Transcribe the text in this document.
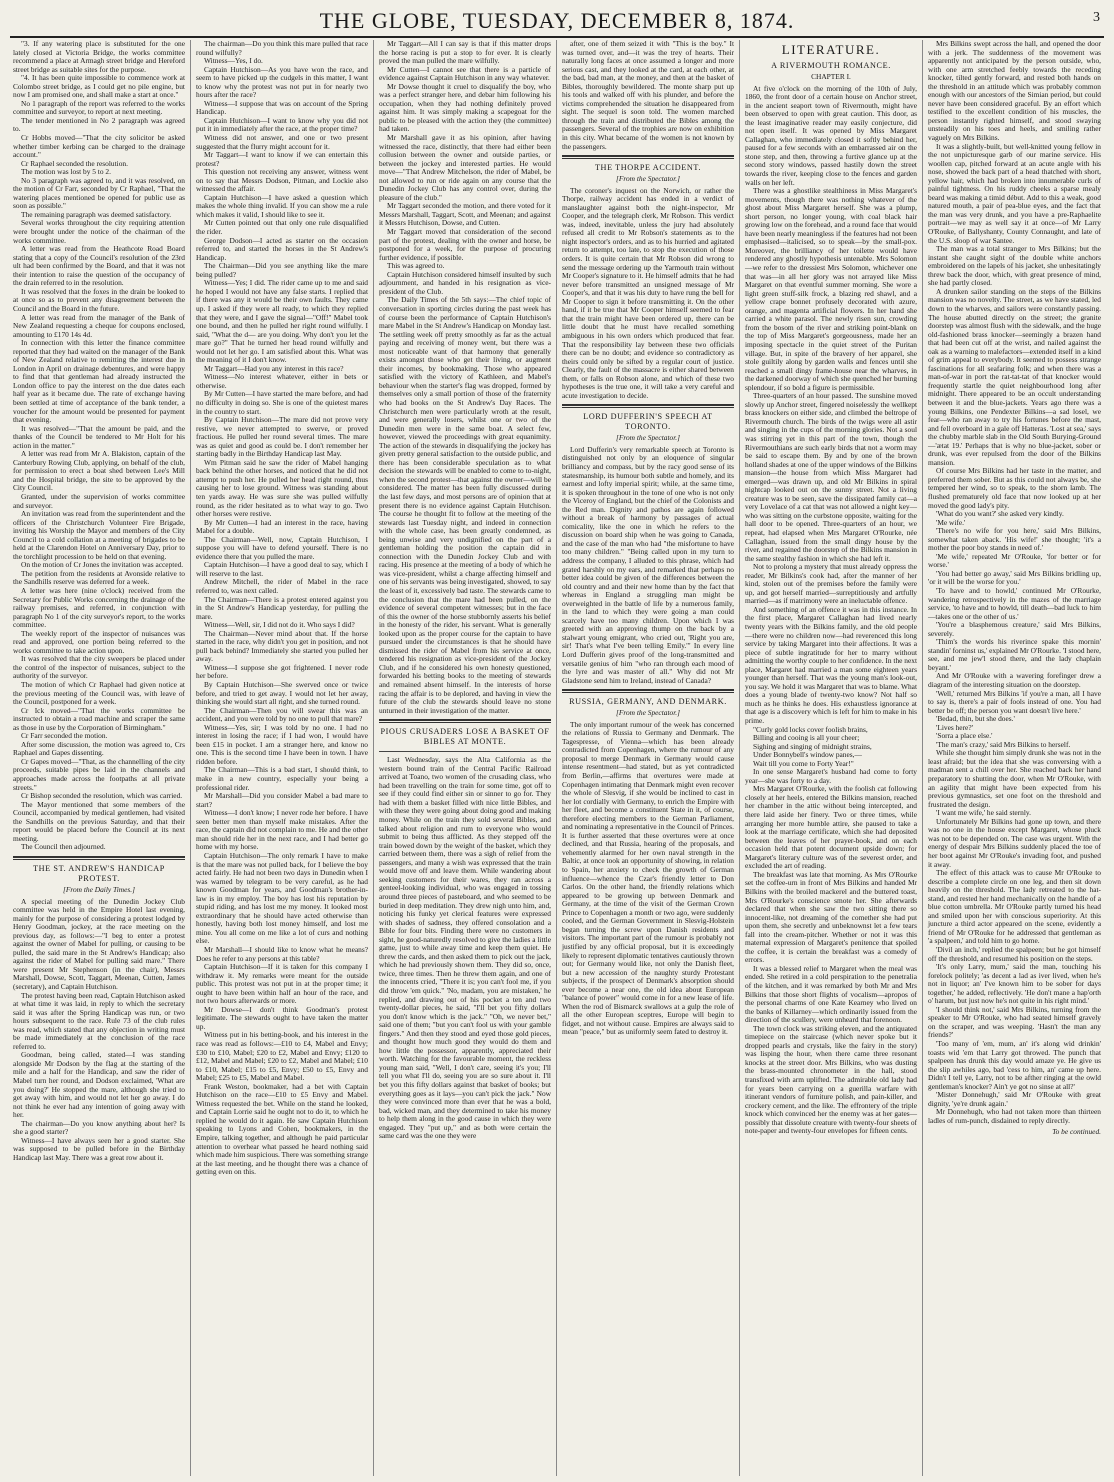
THE GLOBE, TUESDAY, DECEMBER 8, 1874.	3

"3. If any watering place is substituted for the one lately closed at Victoria Bridge, the works committee recommend a place at Armagh street bridge and Hereford street bridge as suitable sites for the purpose.

"4. It has been quite impossible to commence work at Colombo street bridge, as I could get no pile engine, but now I am promised one, and shall make a start at once."

No 1 paragraph of the report was referred to the works committee and surveyor, to report at next meeting.

The tender mentioned in No 2 paragraph was agreed to.

Cr Hobbs moved—"That the city solicitor be asked whether timber kerbing can be charged to the drainage account."

Cr Raphael seconded the resolution.

The motion was lost by 5 to 2.

No 3 paragraph was agreed to, and it was resolved, on the motion of Cr Farr, seconded by Cr Raphael, "That the watering places mentioned be opened for public use as soon as possible."

The remaining paragraph was deemed satisfactory.

Several works throughout the city requiring attention were brought under the notice of the chairman of the works committee.

A letter was read from the Heathcote Road Board stating that a copy of the Council's resolution of the 23rd ult had been confirmed by the Board, and that it was not their intention to raise the question of the occupancy of the drain referred to in the resolution.

It was resolved that the foxes in the drain be looked to at once so as to prevent any disagreement between the Council and the Board in the future.

A letter was read from the manager of the Bank of New Zealand requesting a cheque for coupons enclosed, amounting to £170 14s 4d.

In connection with this letter the finance committee reported that they had waited on the manager of the Bank of New Zealand relative to remitting the interest due in London in April on drainage debentures, and were happy to find that that gentleman had already instructed the London office to pay the interest on the due dates each half year as it became due. The rate of exchange having been settled at time of acceptance of the bank tender, a voucher for the amount would be presented for payment that evening.

It was resolved—"That the amount be paid, and the thanks of the Council be tendered to Mr Holt for his action in the matter."

A letter was read from Mr A. Blakiston, captain of the Canterbury Rowing Club, applying, on behalf of the club, for permission to erect a boat shed between Lee's Mill and the Hospital bridge, the site to be approved by the City Council.

Granted, under the supervision of works committee and surveyor.

An invitation was read from the superintendent and the officers of the Christchurch Volunteer Fire Brigade, inviting his Worship the Mayor and members of the City Council to a cold collation at a meeting of brigades to be held at the Clarendon Hotel on Anniversary Day, prior to the torchlight procession to be held on that evening.

On the motion of Cr Jones the invitation was accepted.

The petition from the residents at Avonside relative to the Sandhills reserve was deferred for a week.

A letter was here (nine o'clock) received from the Secretary for Public Works concerning the drainage of the railway premises, and referred, in conjunction with paragraph No 1 of the city surveyor's report, to the works committee.

The weekly report of the inspector of nuisances was read and approved, one portion being referred to the works committee to take action upon.

It was resolved that the city sweepers be placed under the control of the inspector of nuisances, subject to the authority of the surveyor.

The motion of which Cr Raphael had given notice at the previous meeting of the Council was, with leave of the Council, postponed for a week.

Cr Ick moved—"That the works committee be instructed to obtain a road machine and scraper the same as those in use by the Corporation of Birmingham."

Cr Farr seconded the motion.

After some discussion, the motion was agreed to, Crs Raphael and Gapes dissenting.

Cr Gapes moved—"That, as the channelling of the city proceeds, suitable pipes be laid in the channels and approaches made across the footpaths at all private streets."

Cr Bishop seconded the resolution, which was carried.

The Mayor mentioned that some members of the Council, accompanied by medical gentlemen, had visited the Sandhills on the previous Saturday, and that their report would be placed before the Council at its next meeting.

The Council then adjourned.

THE ST. ANDREW'S HANDICAP PROTEST.
[From the Daily Times.]

A special meeting of the Dunedin Jockey Club committee was held in the Empire Hotel last evening, mainly for the purpose of considering a protest lodged by Henry Goodman, jockey, at the race meeting on the previous day, as follows:—"I beg to enter a protest against the owner of Mabel for pulling, or causing to be pulled, the said mare in the St Andrew's Handicap; also against the rider of Mabel for pulling said mare." There were present Mr Stephenson (in the chair), Messrs Marshall, Dowse, Scott, Taggart, Meenan, Cutten, James (secretary), and Captain Hutchison.

The protest having been read, Captain Hutchison asked at what time it was laid, in reply to which the secretary said it was after the Spring Handicap was run, or two hours subsequent to the race. Rule 73 of the club rules was read, which stated that any objection in writing must be made immediately at the conclusion of the race referred to.

Goodman, being called, stated—I was standing alongside Mr Dodson by the flag at the starting of the mile and a half for the Handicap, and saw the rider of Mabel turn her round, and Dodson exclaimed, 'What are you doing?' He stopped the mare, although she tried to get away with him, and would not let her go away. I do not think he ever had any intention of going away with her.

The chairman—Do you know anything about her? Is she a good starter?

Witness—I have always seen her a good starter. She was supposed to be pulled before in the Birthday Handicap last May. There was a great row about it.

The chairman—Do you think this mare pulled that race round wilfully?

Witness—Yes, I do.

Captain Hutchison—As you have won the race, and seem to have picked up the cudgels in this matter, I want to know why the protest was not put in for nearly two hours after the race?

Witness—I suppose that was on account of the Spring Handicap.

Captain Hutchison—I want to know why you did not put it in immediately after the race, at the proper time?

Witness did not answer, and one or two present suggested that the flurry might account for it.

Mr Taggart—I want to know if we can entertain this protest?

This question not receiving any answer, witness went on to say that Messrs Dodson, Pitman, and Lockie also witnessed the affair.

Captain Hutchison—I have asked a question which makes the whole thing invalid. If you can show me a rule which makes it valid, I should like to see it.

Mr Cutten pointed out that only one rule disqualified the rider.

George Dodson—I acted as starter on the occasion referred to, and started the horses in the St Andrew's Handicap.

The Chairman—Did you see anything like the mare being pulled?

Witness—Yes; I did. The rider came up to me and said he hoped I would not have any false starts. I replied that if there was any it would be their own faults. They came up. I asked if they were all ready, to which they replied that they were, and I gave the signal—"Off!" Mabel took one bound, and then he pulled her right round wilfully. I said, "What the d— are you doing. Why don't you let the mare go?" That he turned her head round wilfully and would not let her go. I am satisfied about this. What was the meaning of it I don't know.

Mr Taggart—Had you any interest in this race?

Witness—No interest whatever, either in bets or otherwise.

By Mr Cutten—I have started the mare before, and had no difficulty in doing so. She is one of the quietest mares in the country to start.

By Captain Hutchison—The mare did not prove very restive, we never attempted to swerve, or proved fractious. He pulled her round several times. The mare was as quiet and good as could be. I don't remember her starting badly in the Birthday Handicap last May.

Wm Pitman said he saw the rider of Mabel hanging back behind the other horses, and noticed that he did not attempt to push her. He pulled her head right round, thus causing her to lose ground. Witness was standing about ten yards away. He was sure she was pulled wilfully round, as the rider hesitated as to what way to go. Two other horses were restive.

By Mr Cutten—I had an interest in the race, having Mabel for a double.

The Chairman—Well, now, Captain Hutchison, I suppose you will have to defend yourself. There is no evidence there that you pulled the mare.

Captain Hutchison—I have a good deal to say, which I will reserve to the last.

Andrew Mitchell, the rider of Mabel in the race referred to, was next called.

The Chairman—There is a protest entered against you in the St Andrew's Handicap yesterday, for pulling the mare.

Witness—Well, sir, I did not do it. Who says I did?

The Chairman—Never mind about that. If the horse started in the race, why didn't you get in position, and not pull back behind? Immediately she started you pulled her away.

Witness—I suppose she got frightened. I never rode her before.

By Captain Hutchison—She swerved once or twice before, and tried to get away. I would not let her away, thinking she would start all right, and she turned round.

The Chairman—Then you will swear this was an accident, and you were told by no one to pull that mare?

Witness—Yes, sir; I was told by no one. I had no interest in losing the race; if I had won, I would have been £15 in pocket. I am a stranger here, and know no one. This is the second time I have been in town. I have ridden before.

The Chairman—This is a bad start, I should think, to make in a new country, especially your being a professional rider.

Mr Marshall—Did you consider Mabel a bad mare to start?

Witness—I don't know; I never rode her before. I have seen better men than myself make mistakes. After the race, the captain did not complain to me. He and the other man should ride her in the next race, and I had better go home with my horse.

Captain Hutchison—The only remark I have to make is that the mare was not pulled back, for I believe the boy acted fairly. He had not been two days in Dunedin when I was warned by telegram to be very careful, as he had known Goodman for years, and Goodman's brother-in-law is in my employ. The boy has lost his reputation by stupid riding, and has lost me my money. It looked most extraordinary that he should have acted otherwise than honestly, having both lost money himself, and lost me mine. You all come on me like a lot of curs and nothing else.

Mr Marshall—I should like to know what he means? Does he refer to any persons at this table?

Captain Hutchison—If it is taken for this company I withdraw it. My remarks were meant for the outside public. This protest was not put in at the proper time; it ought to have been within half an hour of the race, and not two hours afterwards or more.

Mr Dowse—I don't think Goodman's protest legitimate. The stewards ought to have taken the matter up.

Witness put in his betting-book, and his interest in the race was read as follows:—£10 to £4, Mabel and Envy; £30 to £10, Mabel; £20 to £2, Mabel and Envy; £120 to £12, Mabel and Mabel; £20 to £2, Mabel and Mabel; £10 to £10, Mabel; £15 to £5, Envy; £50 to £5, Envy and Mabel; £25 to £5, Mabel and Mabel.

Frank Weston, bookmaker, had a bet with Captain Hutchison on the race—£10 to £5 Envy and Mabel. Witness requested the bet. While on the stand he looked, and Captain Lorrie said he ought not to do it, to which he replied he would do it again. He saw Captain Hutchison speaking to Lyons and Cohen, bookmakers, in the Empire, talking together, and although he paid particular attention to overhear what passed he heard nothing said which made him suspicious. There was something strange at the last meeting, and he thought there was a chance of getting even on this.

Mr Taggart—All I can say is that if this matter drops the horse racing is put a stop to for ever. It is clearly proved the man pulled the mare wilfully.

Mr Cutten—I cannot see that there is a particle of evidence against Captain Hutchison in any way whatever.

Mr Dowse thought it cruel to disqualify the boy, who was a perfect stranger here, and debar him following his occupation, when they had nothing definitely proved against him. It was simply making a scapegoat for the public to be pleased with the action they (the committee) had taken.

Mr Marshall gave it as his opinion, after having witnessed the race, distinctly, that there had either been collusion between the owner and outside parties, or between the jockey and interested parties. He would move—"That Andrew Mitchelson, the rider of Mabel, be not allowed to run or ride again on any course that the Dunedin Jockey Club has any control over, during the pleasure of the club."

Mr Taggart seconded the motion, and there voted for it Messrs Marshall, Taggart, Scott, and Meenan; and against it Messrs Hutchison, Dowse, and Cutten.

Mr Taggart moved that consideration of the second part of the protest, dealing with the owner and horse, be postponed for a week, for the purpose of procuring further evidence, if possible.

This was agreed to.

Captain Hutchison considered himself insulted by such adjournment, and handed in his resignation as vice-president of the Club.

The Daily Times of the 5th says:—The chief topic of conversation in sporting circles during the past week has of course been the performance of Captain Hutchison's mare Mabel in the St Andrew's Handicap on Monday last. The settling week off pretty smoothly as far as the actual paying and receiving of money went, but there was a most noticeable want of that harmony that generally exists amongst those who get their living, or augment their incomes, by bookmaking. Those who appeared satisfied with the victory of Kathleen, and Mabel's behaviour when the starter's flag was dropped, formed by themselves only a small portion of those of the fraternity who had books on the St Andrew's Day Races. The Christchurch men were particularly wroth at the result, and were generally losers, whilst one or two of the Dunedin men were in the same boat. A select few, however, viewed the proceedings with great equanimity. The action of the stewards in disqualifying the jockey has given pretty general satisfaction to the outside public, and there has been considerable speculation as to what decision the stewards will be enabled to come to to-night, when the second protest—that against the owner—will be considered. The matter has been fully discussed during the last few days, and most persons are of opinion that at present there is no evidence against Captain Hutchison. The course he thought fit to follow at the meeting of the stewards last Tuesday night, and indeed in connection with the whole case, has been greatly condemned, as being unwise and very undignified on the part of a gentleman holding the position the captain did in connection with the Dunedin Jockey Club and with racing. His presence at the meeting of a body of which he was vice-president, whilst a charge affecting himself and one of his servants was being investigated, showed, to say the least of it, excessively bad taste. The stewards came to the conclusion that the mare had been pulled, on the evidence of several competent witnesses; but in the face of this the owner of the horse stubbornly asserts his belief in the honesty of the rider, his servant. What is generally looked upon as the proper course for the captain to have pursued under the circumstances is that he should have dismissed the rider of Mabel from his service at once, tendered his resignation as vice-president of the Jockey Club, and if he considered his own honesty questioned, forwarded his betting books to the meeting of stewards and remained absent himself. In the interests of horse racing the affair is to be deplored, and having in view the future of the club the stewards should leave no stone unturned in their investigation of the matter.

PIOUS CRUSADERS LOSE A BASKET OF BIBLES AT MONTE.

Last Wednesday, says the Alta California as the western bound train of the Central Pacific Railroad arrived at Toano, two women of the crusading class, who had been travelling on the train for some time, got off to see if they could find either sin or sinner to go for. They had with them a basket filled with nice little Bibles, and with these they were going about doing good and making money. While on the train they sold several Bibles, and talked about religion and rum to everyone who would submit to being thus afflicted. As they stepped off the train bowed down by the weight of the basket, which they carried between them, there was a sigh of relief from the passengers, and many a wish was expressed that the train would move off and leave them. While wandering about seeking customers for their wares, they ran across a genteel-looking individual, who was engaged in tossing around three pieces of pasteboard, and who seemed to be buried in deep meditation. They drew nigh unto him, and, noticing his funky yet clerical features were expressed with shades of sadness, they offered consolation and a Bible for four bits. Finding there were no customers in sight, he good-naturedly resolved to give the ladies a little game, just to while away time and keep them quiet. He threw the cards, and then asked them to pick out the jack, which he had previously shown them. They did so, once, twice, three times. Then he threw them again, and one of the innocents cried, "There it is; you can't fool me, if you did throw 'em quick." 'No, madam, you are mistaken,' he replied, and drawing out of his pocket a ten and two twenty-dollar pieces, he said, "I'll bet you fifty dollars you don't know which is the jack." "Oh, we never bet," said one of them; "but you can't fool us with your gamble fingers." And then they stood and eyed those gold pieces, and thought how much good they would do them and how little the possessor, apparently, appreciated their worth. Watching for the favourable moment, the reckless young man said, "Well, I don't care, seeing it's you; I'll tell you what I'll do, seeing you are so sure about it. I'll bet you this fifty dollars against that basket of books; but everything goes as it lays—you can't pick the jack." Now they were convinced more than ever that he was a bold, bad, wicked man, and they determined to take his money to help them along in the good cause in which they were engaged. They "put up," and as both were certain the same card was the one they were

after, one of them seized it with "This is the boy." It was turned over, and—it was the trey of hearts. Their naturally long faces at once assumed a longer and more serious cast, and they looked at the card, at each other, at the bad, bad man, at the money, and then at the basket of Bibles, thoroughly bewildered. The monte sharp put up his tools and walked off with his plunder, and before the victims comprehended the situation he disappeared from sight. The sequel is soon told. The women marched through the train and distributed the Bibles among the passengers. Several of the trophies are now on exhibition in this city. What became of the women is not known by the passengers.

THE THORPE ACCIDENT.
[From the Spectator.]

The coroner's inquest on the Norwich, or rather the Thorpe, railway accident has ended in a verdict of manslaughter against both the night-inspector, Mr Cooper, and the telegraph clerk, Mr Robson. This verdict was, indeed, inevitable, unless the jury had absolutely refused all credit to Mr Robson's statements as to the night inspector's orders, and as to his hurried and agitated return to attempt, too late, to stop the execution of those orders. It is quite certain that Mr Robson did wrong to send the message ordering up the Yarmouth train without Mr Cooper's signature to it. He himself admits that he had never before transmitted an unsigned message of Mr Cooper's, and that it was his duty to have rung the bell for Mr Cooper to sign it before transmitting it. On the other hand, if it be true that Mr Cooper himself seemed to fear that the train might have been ordered up, there can be little doubt that he must have recalled something ambiguous in his own orders which produced that fear. That the responsibility lay between these two officials there can be no doubt; and evidence so contradictory as theirs could only be sifted by a regular court of justice. Clearly, the fault of the massacre is either shared between them, or falls on Robson alone, and which of these two hypotheses is the true one, it will take a very careful and acute investigation to decide.

LORD DUFFERIN'S SPEECH AT TORONTO.
[From the Spectator.]

Lord Dufferin's very remarkable speech at Toronto is distinguished not only by an eloquence of singular brilliancy and compass, but by the racy good sense of its statesmanship, its humour both subtle and homely, and its earnest and lofty imperial spirit; while, at the same time, it is spoken throughout in the tone of one who is not only the Viceroy of England, but the chief of the Colonists and the Red man. Dignity and pathos are again followed without a break of harmony by passages of actual comicality, like the one in which he refers to the discussion on board ship when he was going to Canada, and the case of the man who had "the misfortune to have too many children." "Being called upon in my turn to address the company, I alluded to this phrase, which had grated harshly on my ears, and remarked that perhaps no better idea could be given of the differences between the old country and and their new home than by the fact that whereas in England a struggling man might be overweighted in the battle of life by a numerous family, in the land to which they were going a man could scarcely have too many children. Upon which I was greeted with an approving thump on the back by a stalwart young emigrant, who cried out, 'Right you are, sir! That's what I've been telling Emily.'" In every line Lord Dufferin gives proof of the long-transmitted and versatile genius of him "who ran through each mood of the lyre and was master of all." Why did not Mr Gladstone send him to Ireland, instead of Canada?

RUSSIA, GERMANY, AND DENMARK.
[From the Spectator.]

The only important rumour of the week has concerned the relations of Russia to Germany and Denmark. The Tagespresse, of Vienna—which has been already contradicted from Copenhagen, where the rumour of any proposal to merge Denmark in Germany would cause intense resentment—had stated, but as yet contradicted from Berlin,—affirms that overtures were made at Copenhagen intimating that Denmark might even recover the whole of Slesvig, if she would be inclined to cast in her lot cordially with Germany, to enrich the Empire with her fleet, and become a constituent State in it, of course, therefore electing members to the German Parliament, and nominating a representative in the Council of Princes. It is further asserted that these overtures were at once declined, and that Russia, hearing of the proposals, and vehemently alarmed for her own naval strength in the Baltic, at once took an opportunity of showing, in relation to Spain, her anxiety to check the growth of German influence—whence the Czar's friendly letter to Don Carlos. On the other hand, the friendly relations which appeared to be growing up between Denmark and Germany, at the time of the visit of the German Crown Prince to Copenhagen a month or two ago, were suddenly cooled, and the German Government in Slesvig-Holstein began turning the screw upon Danish residents and visitors. The important part of the rumour is probably not justified by any official proposal, but it is exceedingly likely to represent diplomatic tentatives cautiously thrown out; for Germany would like, not only the Danish fleet, but a new accession of the naughty sturdy Protestant subjects, if the prospect of Denmark's absorption should ever become a near one, the old idea about European "balance of power" would come in for a new lease of life. When the rod of Bismarck swallows at a gulp the role of all the other European sceptres, Europe will begin to fidget, and not without cause. Empires are always said to mean "peace," but as uniformly seem fated to destroy it.

LITERATURE.
A RIVERMOUTH ROMANCE.
CHAPTER I.

At five o'clock on the morning of the 10th of July, 1860, the front door of a certain house on Anchor street, in the ancient seaport town of Rivermouth, might have been observed to open with great caution. This door, as the least imaginative reader may easily conjecture, did not open itself. It was opened by Miss Margaret Callaghan, who immediately closed it softly behind her, paused for a few seconds with an embarrassed air on the stone step, and then, throwing a furtive glance up at the second story windows, passed hastily down the street towards the river, keeping close to the fences and garden walls on her left.

There was a ghostlike stealthiness in Miss Margaret's movements, though there was nothing whatever of the ghost about Miss Margaret herself. She was a plump, short person, no longer young, with coal black hair growing low on the forehead, and a round face that would have been nearly meaningless if the features had not been emphasised—italicised, so to speak—by the small-pox. Moreover, the brilliancy of her toilette would have rendered any ghostly hypothesis untenable. Mrs Solomon—we refer to the dressiest Mrs Solomon, whichever one that was—in all her glory was not arrayed like Miss Margaret on that eventful summer morning. She wore a light green stuff-silk frock, a blazing red shawl, and a yellow crape bonnet profusely decorated with azure, orange, and magenta artificial flowers. In her hand she carried a white parasol. The newly risen sun, crowding from the bosom of the river and striking point-blank on the top of Miss Margaret's gorgeousness, made her an imposing spectacle in the quiet street of the Puritan village. But, in spite of the bravery of her apparel, she stole guiltily along by garden walls and fences until she reached a small dingy frame-house near the wharves, in the darkened doorway of which she quenched her burning splendour, if so bold a figure is permissible.

Three-quarters of an hour passed. The sunshine moved slowly up Anchor street, fingered noiselessly the wellkept brass knockers on either side, and climbed the beltrope of Rivermouth church. The birds of the twigs were all astir and singing in the cups of the morning glories. Not a soul was stirring yet in this part of the town, though the Rivermouthians are such early birds that not a worm may be said to escape them. By and by one of the brown holland shades at one of the upper windows of the Bilkins mansion—the house from which Miss Margaret had emerged—was drawn up, and old Mr Bilkins in spiral nightcap looked out on the sunny street. Not a living creature was to be seen, save the dissipated family cat—a very Lovelace of a cat that was not allowed a night key—who was sitting on the curbstone opposite, waiting for the hall door to be opened. Three-quarters of an hour, we repeat, had elapsed when Mrs Margaret O'Rourke, née Callaghan, issued from the small dingy house by the river, and regained the doorstep of the Bilkins mansion in the same stealthy fashion in which she had left it.

Not to prolong a mystery that must already oppress the reader, Mr Bilkins's cook had, after the manner of her kind, stolen out of the premises before the family were up, and got herself married—surreptitiously and artfully married—as if matrimony were an ineluctable offence.

And something of an offence it was in this instance. In the first place, Margaret Callaghan had lived nearly twenty years with the Bilkins family, and the old people—there were no children now—had reverenced this long service by taking Margaret into their affections. It was a piece of subtle ingratitude for her to marry without admitting the worthy couple to her confidence. In the next place, Margaret had married a man some eighteen years younger than herself. That was the young man's look-out, you say. We hold it was Margaret that was to blame. What does a young blade of twenty-two know? Not half so much as he thinks he does. His exhaustless ignorance at that age is a discovery which is left for him to make in his prime.

"Curly gold locks cover foolish brains,

Billing and cooing is all your cheer;

Sighing and singing of midnight strains,

Under Bonnybell's window panes,—

Wait till you come to Forty Year!"

In one sense Margaret's husband had come to forty year—she was forty to a day.

Mrs Margaret O'Rourke, with the foolish cat following closely at her heels, entered the Bilkins mansion, reached her chamber in the attic without being intercepted, and there laid aside her finery. Two or three times, while arranging her more humble attire, she paused to take a look at the marriage certificate, which she had deposited between the leaves of her prayer-book, and on each occasion held that potent document upside down; for Margaret's literary culture was of the severest order, and excluded the art of reading.

The breakfast was late that morning. As Mrs O'Rourke set the coffee-urn in front of Mrs Bilkins and handed Mr Bilkins with the broiled mackerel and the buttered toast, Mrs O'Rourke's conscience smote her. She afterwards declared that when she saw the two sitting there so innocent-like, not dreaming of the comether she had put upon them, she secretly and unbeknownst let a few tears fall into the cream-pitcher. Whether or not it was this maternal expression of Margaret's penitence that spoiled the coffee, it is certain the breakfast was a comedy of errors.

It was a blessed relief to Margaret when the meal was ended. She retired in a cold perspiration to the penetralia of the kitchen, and it was remarked by both Mr and Mrs Bilkins that those short flights of vocalism—apropos of the personal charms of one Kate Kearney who lived on the banks of Killarney—which ordinarily issued from the direction of the scullery, were unheard that forenoon.

The town clock was striking eleven, and the antiquated timepiece on the staircase (which never spoke but it dropped pearls and crystals, like the fairy in the story) was lisping the hour, when there came three resonant knocks at the street door. Mrs Bilkins, who was dusting the brass-mounted chronometer in the hall, stood transfixed with arm uplifted. The admirable old lady had for years been carrying on a guerilla warfare with itinerant vendors of furniture polish, and pain-killer, and crockery cement, and the like. The effrontery of the triple knock which convinced her the enemy was at her gates—possibly that dissolute creature with twenty-four sheets of note-paper and twenty-four envelopes for fifteen cents.

Mrs Bilkins swept across the hall, and opened the door with a jerk. The suddenness of the movement was apparently not anticipated by the person outside, who, with one arm stretched feebly towards the receding knocker, tilted gently forward, and rested both hands on the threshold in an attitude which was probably common enough with our ancestors of the Simian period, but could never have been considered graceful. By an effort which testified to the excellent condition of his muscles, the person instantly righted himself, and stood swaying unsteadily on his toes and heels, and smiling rather vaguely on Mrs Bilkins.

It was a slightly-built, but well-knitted young fellow in the not unpicturesque garb of our marine service. His woollen cap, pitched forward at an acute angle with his nose, showed the back part of a head thatched with short, yellow hair, which had broken into innumerable curls of painful tightness. On his ruddy cheeks a sparse mealy beard was making a timid début. Add to this a weak, good natured mouth, a pair of pea-blue eyes, and the fact that the man was very drunk, and you have a pre-Raphaelite portrait—we may as well say it at once—of Mr Larry O'Rouke, of Ballyshanty, County Connaught, and late of the U.S. sloop of war Santee.

The man was a total stranger to Mrs Bilkins; but the instant she caught sight of the double white anchors embroidered on the lapels of his jacket, she unhesitatingly threw back the door, which, with great presence of mind, she had partly closed.

A drunken sailor standing on the steps of the Bilkins mansion was no novelty. The street, as we have stated, led down to the wharves, and sailors were constantly passing. The house abutted directly on the street; the granite doorstep was almost flush with the sidewalk, and the huge old-fashioned brass knocker—seemingly a brazen hand that had been cut off at the wrist, and nailed against the oak as a warning to malefactors—extended itself in a kind of grim appeal to everybody. It seemed to possess strange fascinations for all seafaring folk; and when there was a man-of-war in port the rat-tat-tat of that knocker would frequently startle the quiet neighbourhood long after midnight. There appeared to be an occult understanding between it and the blue-jackets. Years ago there was a young Bilkins, one Pendexter Bilkins—a sad losel, we fear—who ran away to try his fortunes before the mast, and fell overboard in a gale off Hatteras. 'Lost at sea,' says the chubby marble slab in the Old South Burying-Ground—'ætat 19.' Perhaps that is why no blue-jacket, sober or drunk, was ever repulsed from the door of the Bilkins mansion.

Of course Mrs Bilkins had her taste in the matter, and preferred them sober. But as this could not always be, she tempered her wind, so to speak, to the shorn lamb. The flushed prematurely old face that now looked up at her moved the good lady's pity.

'What do you want?' she asked very kindly.

'Me wife.'

'There's no wife for you here,' said Mrs Bilkins, somewhat taken aback. 'His wife!' she thought; 'it's a mother the poor boy stands in need of.'

'Me wife,' repeated Mr O'Rouke, 'for better or for worse.'

'You had better go away,' said Mrs Bilkins bridling up, 'or it will be the worse for you.'

'To have and to howld,' continued Mr O'Rourke, wandering retrospectively in the mazes of the marriage service, 'to have and to howld, till death—bad luck to him—takes one or the other of us.'

'You're a blasphemous creature,' said Mrs Bilkins, severely.

'Thim's the words his riverince spake this mornin' standin' forninst us,' explained Mr O'Rourke. 'I stood here, see, and me jew'l stood there, and the lady chaplain beyant.'

And Mr O'Rouke with a wavering forefinger drew a diagram of the interesting situation on the doorstep.

'Well,' returned Mrs Bilkins 'if you're a man, all I have to say is, there's a pair of fools instead of one. You had better be off; the person you want doesn't live here.'

'Bedad, thin, but she does.'

'Lives here?'

'Sorra a place else.'

'The man's crazy,' said Mrs Bilkins to herself.

While she thought him simply drunk she was not in the least afraid; but the idea that she was conversing with a madman sent a chill over her. She reached back her hand preparatory to shutting the door, when Mr O'Rouke, with an agility that might have been expected from his previous gymnastics, set one foot on the threshold and frustrated the design.

'I want me wife,' he said sternly.

Unfortunately Mr Bilkins had gone up town, and there was no one in the house except Margaret, whose pluck was not to be depended on. The case was urgent. With the energy of despair Mrs Bilkins suddenly placed the toe of her boot against Mr O'Rouke's invading foot, and pushed it away.

The effect of this attack was to cause Mr O'Rouke to describe a complete circle on one leg, and then sit down heavily on the threshold. The lady retreated to the hat-stand, and rested her hand mechanically on the handle of a blue cotton umbrella. Mr O'Rouke partly turned his head and smiled upon her with conscious superiority. At this juncture a third actor appeared on the scene, evidently a friend of Mr O'Rouke for he addressed that gentleman as 'a spalpeen,' and told him to go home.

'Divil an inch,' replied the spalpeen; but he got himself off the threshold, and resumed his position on the steps.

'It's only Larry, mum,' said the man, touching his forelock politely; 'as decent a lad as iver lived, when he's not in liquor; an' I've known him to be sober for days together,' he added, reflectively. 'He don't mane a hap'orth o' harum, but just now he's not quite in his right mind.'

'I should think not,' said Mrs Bilkins, turning from the speaker to Mr O'Rouke, who had seated himself gravely on the scraper, and was weeping. 'Hasn't the man any friends?'

'Too many of 'em, mum, an' it's along wid drinkin' toasts wid 'em that Larry got throwed. The punch that spalpeen has drunk this day would amaze ye. He give us the slip awhiles ago, bad 'cess to him, an' came up here. Didn't I tell ye, Larry, not to be afther ringing at the owld gentleman's knocker? Ain't ye got no sinse at all?'

'Mister Donnehugh,' said Mr O'Rouke with great dignity, 'ye're drunk again.'

Mr Donnehugh, who had not taken more than thirteen ladles of rum-punch, disdained to reply directly.

To be continued.
